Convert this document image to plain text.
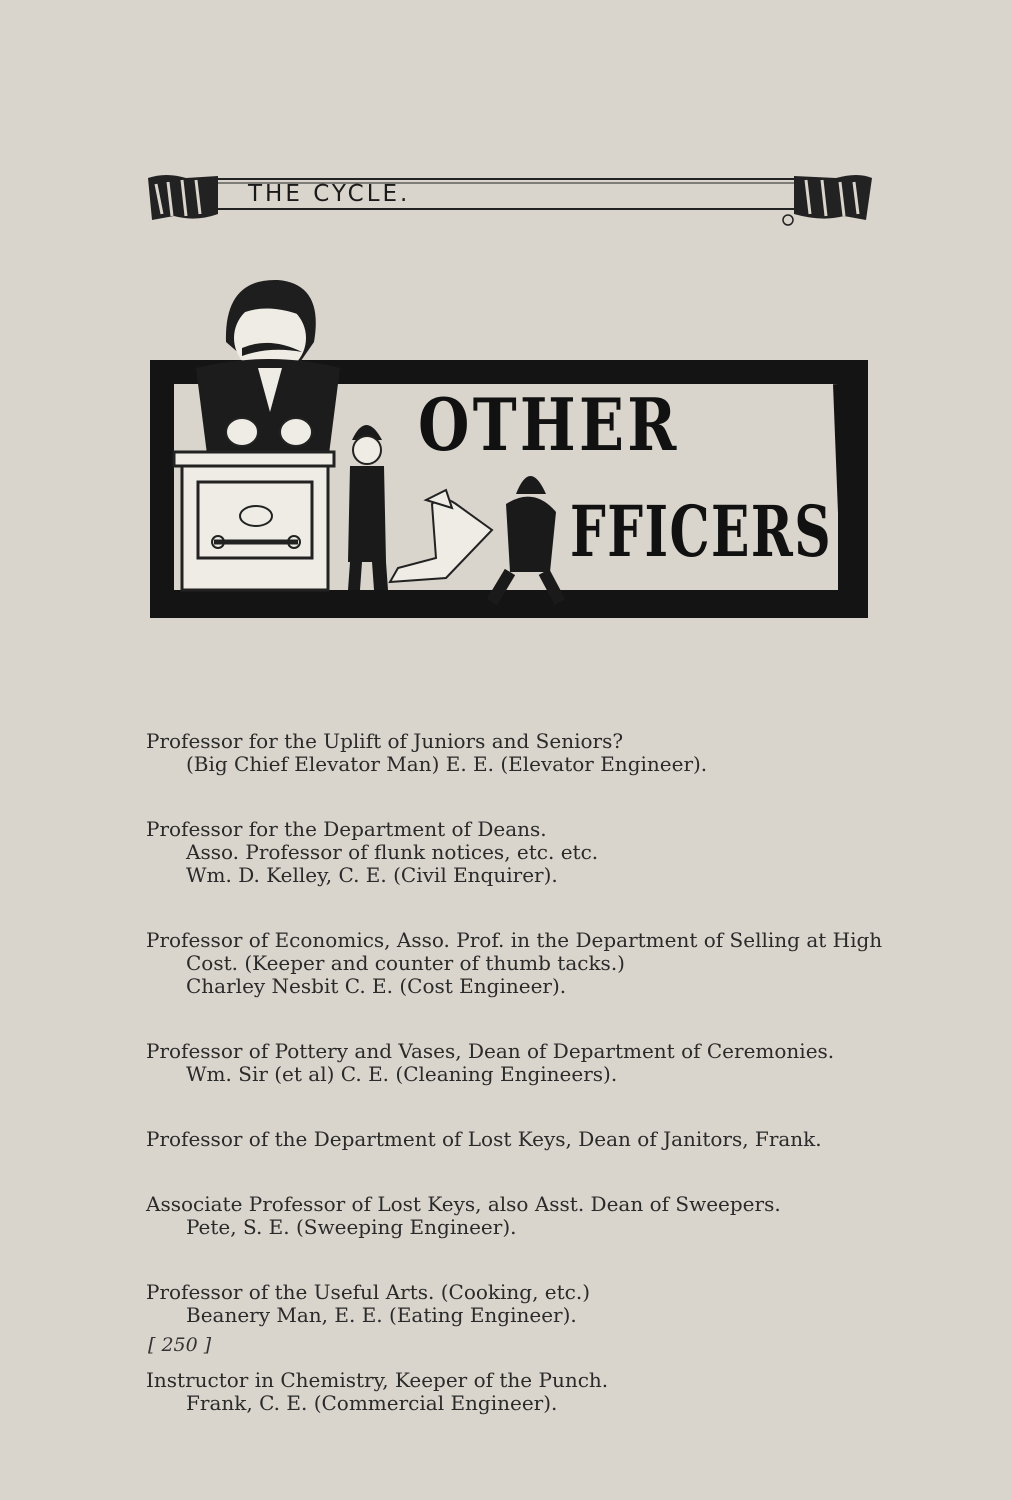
THE CYCLE.
OTHER
FFICERS

Professor for the Uplift of Juniors and Seniors?

(Big Chief Elevator Man) E. E. (Elevator Engineer).

Professor for the Department of Deans.

Asso. Professor of flunk notices, etc. etc.

Wm. D. Kelley, C. E. (Civil Enquirer).

Professor of Economics, Asso. Prof. in the Department of Selling at High

Cost. (Keeper and counter of thumb tacks.)

Charley Nesbit C. E. (Cost Engineer).

Professor of Pottery and Vases, Dean of Department of Ceremonies.

Wm. Sir (et al) C. E. (Cleaning Engineers).

Professor of the Department of Lost Keys, Dean of Janitors, Frank.

Associate Professor of Lost Keys, also Asst. Dean of Sweepers.

Pete, S. E. (Sweeping Engineer).

Professor of the Useful Arts. (Cooking, etc.)

Beanery Man, E. E. (Eating Engineer).

Instructor in Chemistry, Keeper of the Punch.

Frank, C. E. (Commercial Engineer).

[ 250 ]
